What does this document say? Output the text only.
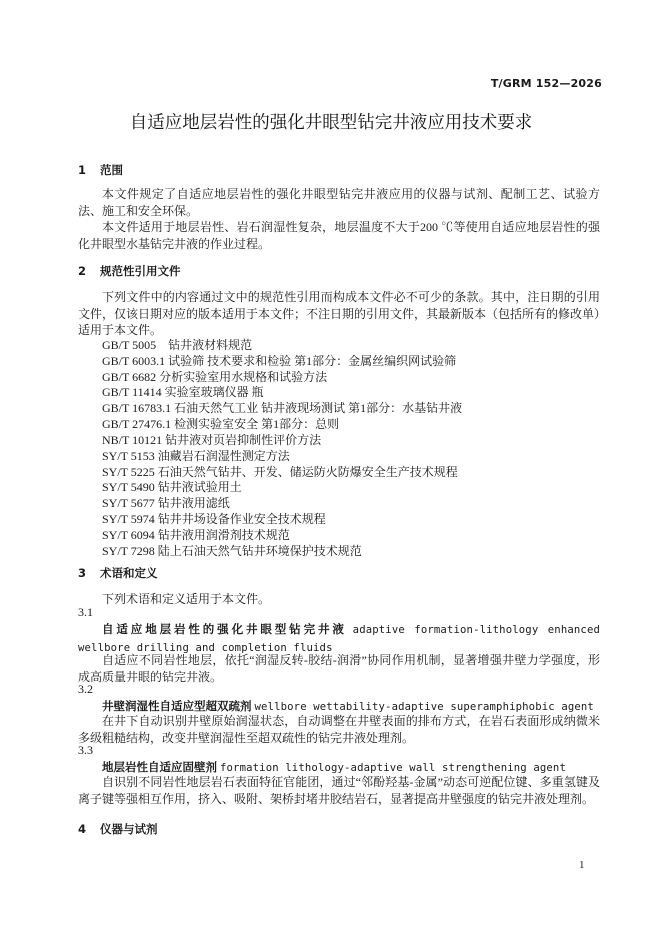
T/GRM 152—2026
自适应地层岩性的强化井眼型钻完井液应用技术要求
1 范围
本文件规定了自适应地层岩性的强化井眼型钻完井液应用的仪器与试剂、配制工艺、试验方法、施工和安全环保。
本文件适用于地层岩性、岩石润湿性复杂，地层温度不大于200 ℃等使用自适应地层岩性的强化井眼型水基钻完井液的作业过程。
2 规范性引用文件
下列文件中的内容通过文中的规范性引用而构成本文件必不可少的条款。其中，注日期的引用文件，仅该日期对应的版本适用于本文件；不注日期的引用文件，其最新版本（包括所有的修改单）适用于本文件。
GB/T 5005　钻井液材料规范
GB/T 6003.1 试验筛 技术要求和检验 第1部分：金属丝编织网试验筛
GB/T 6682 分析实验室用水规格和试验方法
GB/T 11414 实验室玻璃仪器 瓶
GB/T 16783.1 石油天然气工业 钻井液现场测试 第1部分：水基钻井液
GB/T 27476.1 检测实验室安全 第1部分：总则
NB/T 10121 钻井液对页岩抑制性评价方法
SY/T 5153 油藏岩石润湿性测定方法
SY/T 5225 石油天然气钻井、开发、储运防火防爆安全生产技术规程
SY/T 5490 钻井液试验用土
SY/T 5677 钻井液用滤纸
SY/T 5974 钻井井场设备作业安全技术规程
SY/T 6094 钻井液用润滑剂技术规范
SY/T 7298 陆上石油天然气钻井环境保护技术规范
3 术语和定义
下列术语和定义适用于本文件。
3.1
自适应地层岩性的强化井眼型钻完井液 adaptive formation-lithology enhanced wellbore drilling and completion fluids
自适应不同岩性地层，依托“润湿反转-胶结-润滑”协同作用机制，显著增强井壁力学强度，形成高质量井眼的钻完井液。
3.2
井壁润湿性自适应型超双疏剂 wellbore wettability-adaptive superamphiphobic agent
在井下自动识别井壁原始润湿状态，自动调整在井壁表面的排布方式，在岩石表面形成纳微米多级粗糙结构，改变井壁润湿性至超双疏性的钻完井液处理剂。
3.3
地层岩性自适应固壁剂 formation lithology-adaptive wall strengthening agent
自识别不同岩性地层岩石表面特征官能团，通过“邻酚羟基-金属”动态可逆配位键、多重氢键及离子键等强相互作用，挤入、吸附、架桥封堵井胶结岩石，显著提高井壁强度的钻完井液处理剂。
4 仪器与试剂
1
